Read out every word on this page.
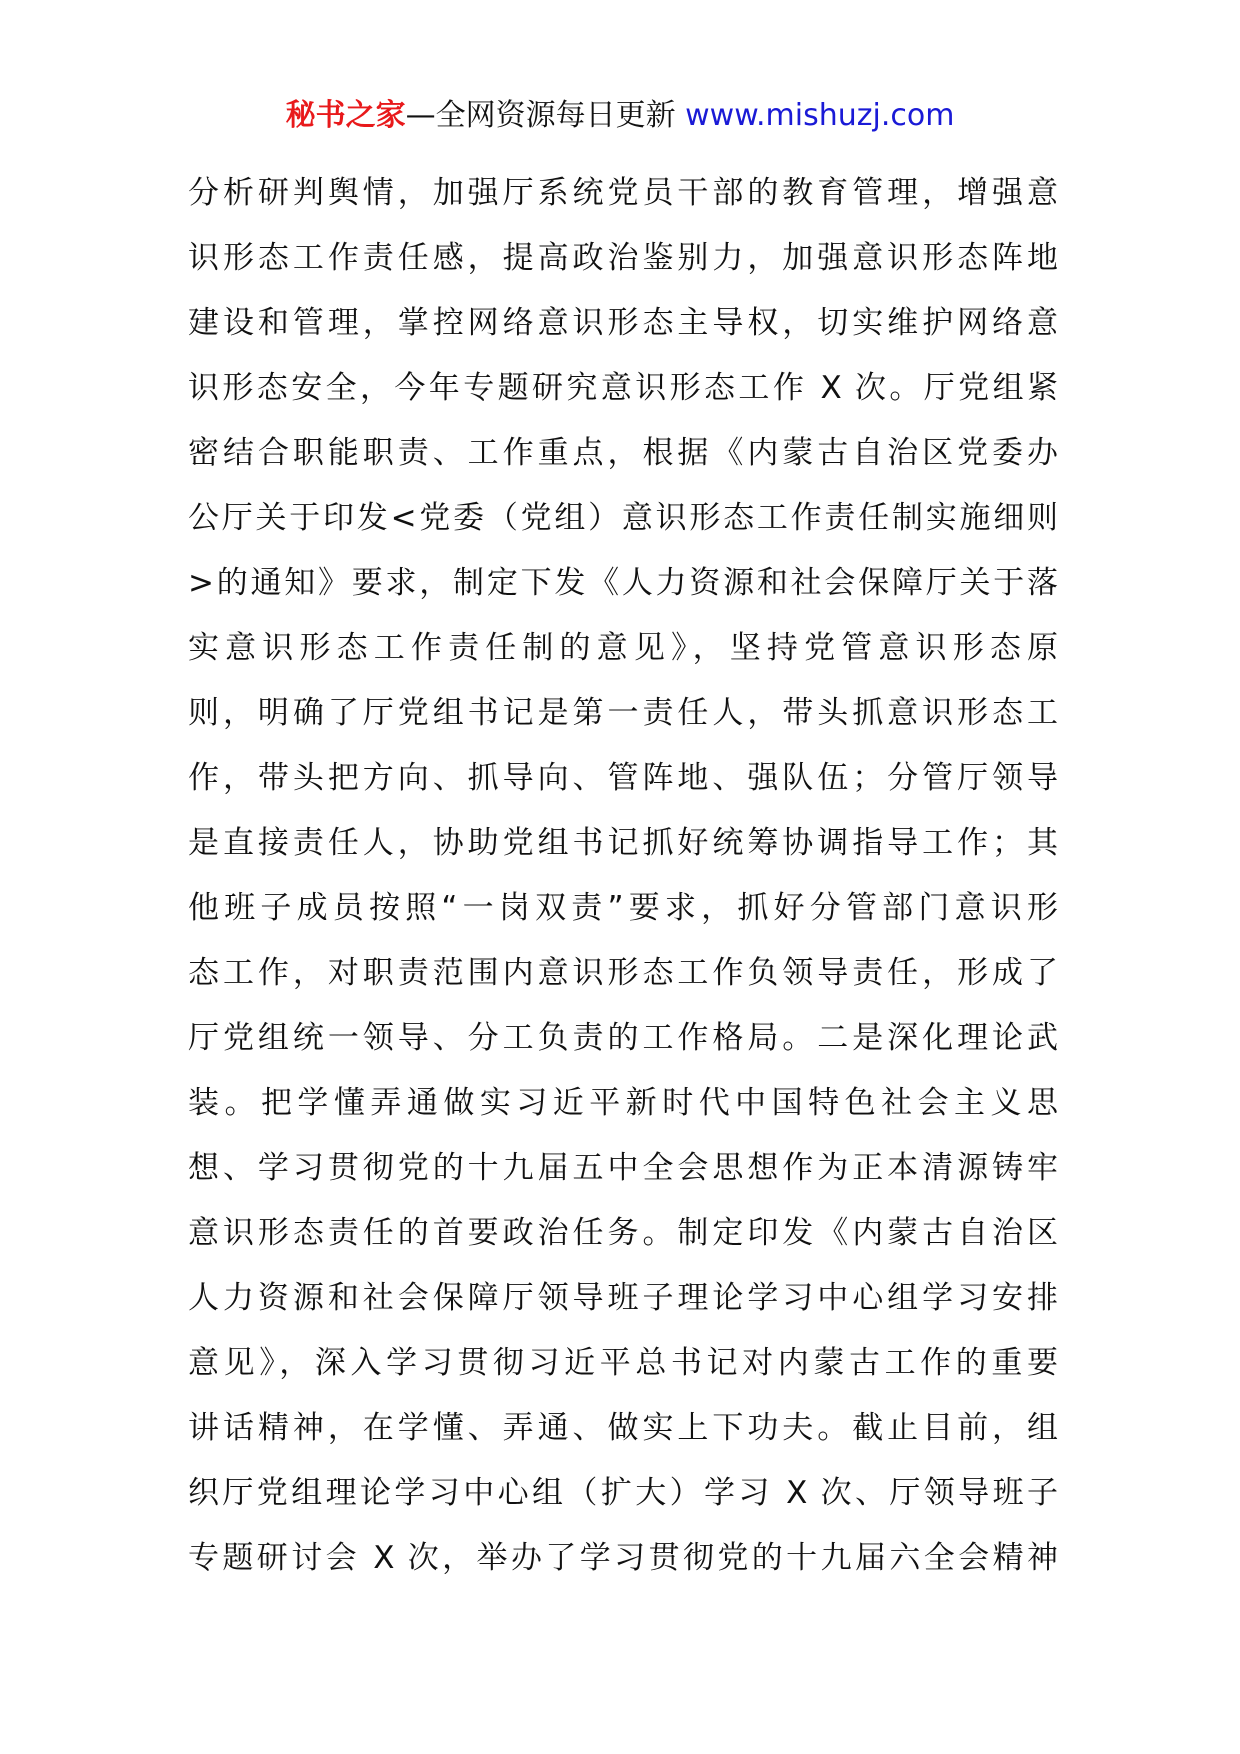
秘书之家—全网资源每日更新 www.mishuzj.com
分析研判舆情，加强厅系统党员干部的教育管理，增强意
识形态工作责任感，提高政治鉴别力，加强意识形态阵地
建设和管理，掌控网络意识形态主导权，切实维护网络意
识形态安全，今年专题研究意识形态工作 X 次。厅党组紧
密结合职能职责、工作重点，根据《内蒙古自治区党委办
公厅关于印发<党委（党组）意识形态工作责任制实施细则
>的通知》要求，制定下发《人力资源和社会保障厅关于落
实意识形态工作责任制的意见》，坚持党管意识形态原
则，明确了厅党组书记是第一责任人，带头抓意识形态工
作，带头把方向、抓导向、管阵地、强队伍；分管厅领导
是直接责任人，协助党组书记抓好统筹协调指导工作；其
他班子成员按照“一岗双责”要求，抓好分管部门意识形
态工作，对职责范围内意识形态工作负领导责任，形成了
厅党组统一领导、分工负责的工作格局。二是深化理论武
装。把学懂弄通做实习近平新时代中国特色社会主义思
想、学习贯彻党的十九届五中全会思想作为正本清源铸牢
意识形态责任的首要政治任务。制定印发《内蒙古自治区
人力资源和社会保障厅领导班子理论学习中心组学习安排
意见》，深入学习贯彻习近平总书记对内蒙古工作的重要
讲话精神，在学懂、弄通、做实上下功夫。截止目前，组
织厅党组理论学习中心组（扩大）学习 X 次、厅领导班子
专题研讨会 X 次，举办了学习贯彻党的十九届六全会精神
